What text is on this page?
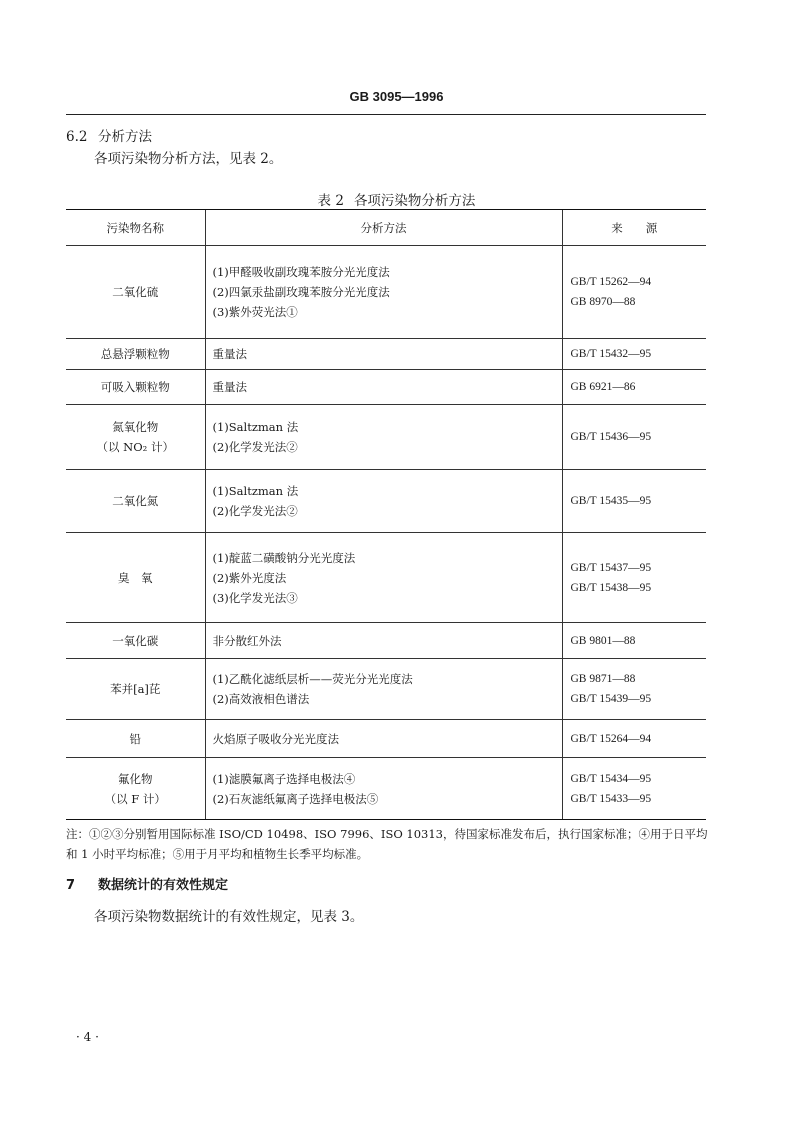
GB 3095—1996
6.2 分析方法
各项污染物分析方法，见表 2。
表 2 各项污染物分析方法
污染物名称	分析方法	来　　源

二氧化硫	(1)甲醛吸收副玫瑰苯胺分光光度法
(2)四氯汞盐副玫瑰苯胺分光光度法
(3)紫外荧光法①	GB/T 15262—94
GB 8970—88

总悬浮颗粒物	重量法	GB/T 15432—95

可吸入颗粒物	重量法	GB 6921—86

氮氧化物
（以 NO₂ 计）	(1)Saltzman 法
(2)化学发光法②	GB/T 15436—95

二氧化氮	(1)Saltzman 法
(2)化学发光法②	GB/T 15435—95

臭　氧	(1)靛蓝二磺酸钠分光光度法
(2)紫外光度法
(3)化学发光法③	GB/T 15437—95
GB/T 15438—95

一氧化碳	非分散红外法	GB 9801—88

苯并[a]芘	(1)乙酰化滤纸层析——荧光分光光度法
(2)高效液相色谱法	GB 9871—88
GB/T 15439—95

铅	火焰原子吸收分光光度法	GB/T 15264—94

氟化物
（以 F 计）	(1)滤膜氟离子选择电极法④
(2)石灰滤纸氟离子选择电极法⑤	GB/T 15434—95
GB/T 15433—95
注：①②③分别暂用国际标准 ISO/CD 10498、ISO 7996、ISO 10313，待国家标准发布后，执行国家标准；④用于日平均和 1 小时平均标准；⑤用于月平均和植物生长季平均标准。
7 数据统计的有效性规定
各项污染物数据统计的有效性规定，见表 3。
· 4 ·
